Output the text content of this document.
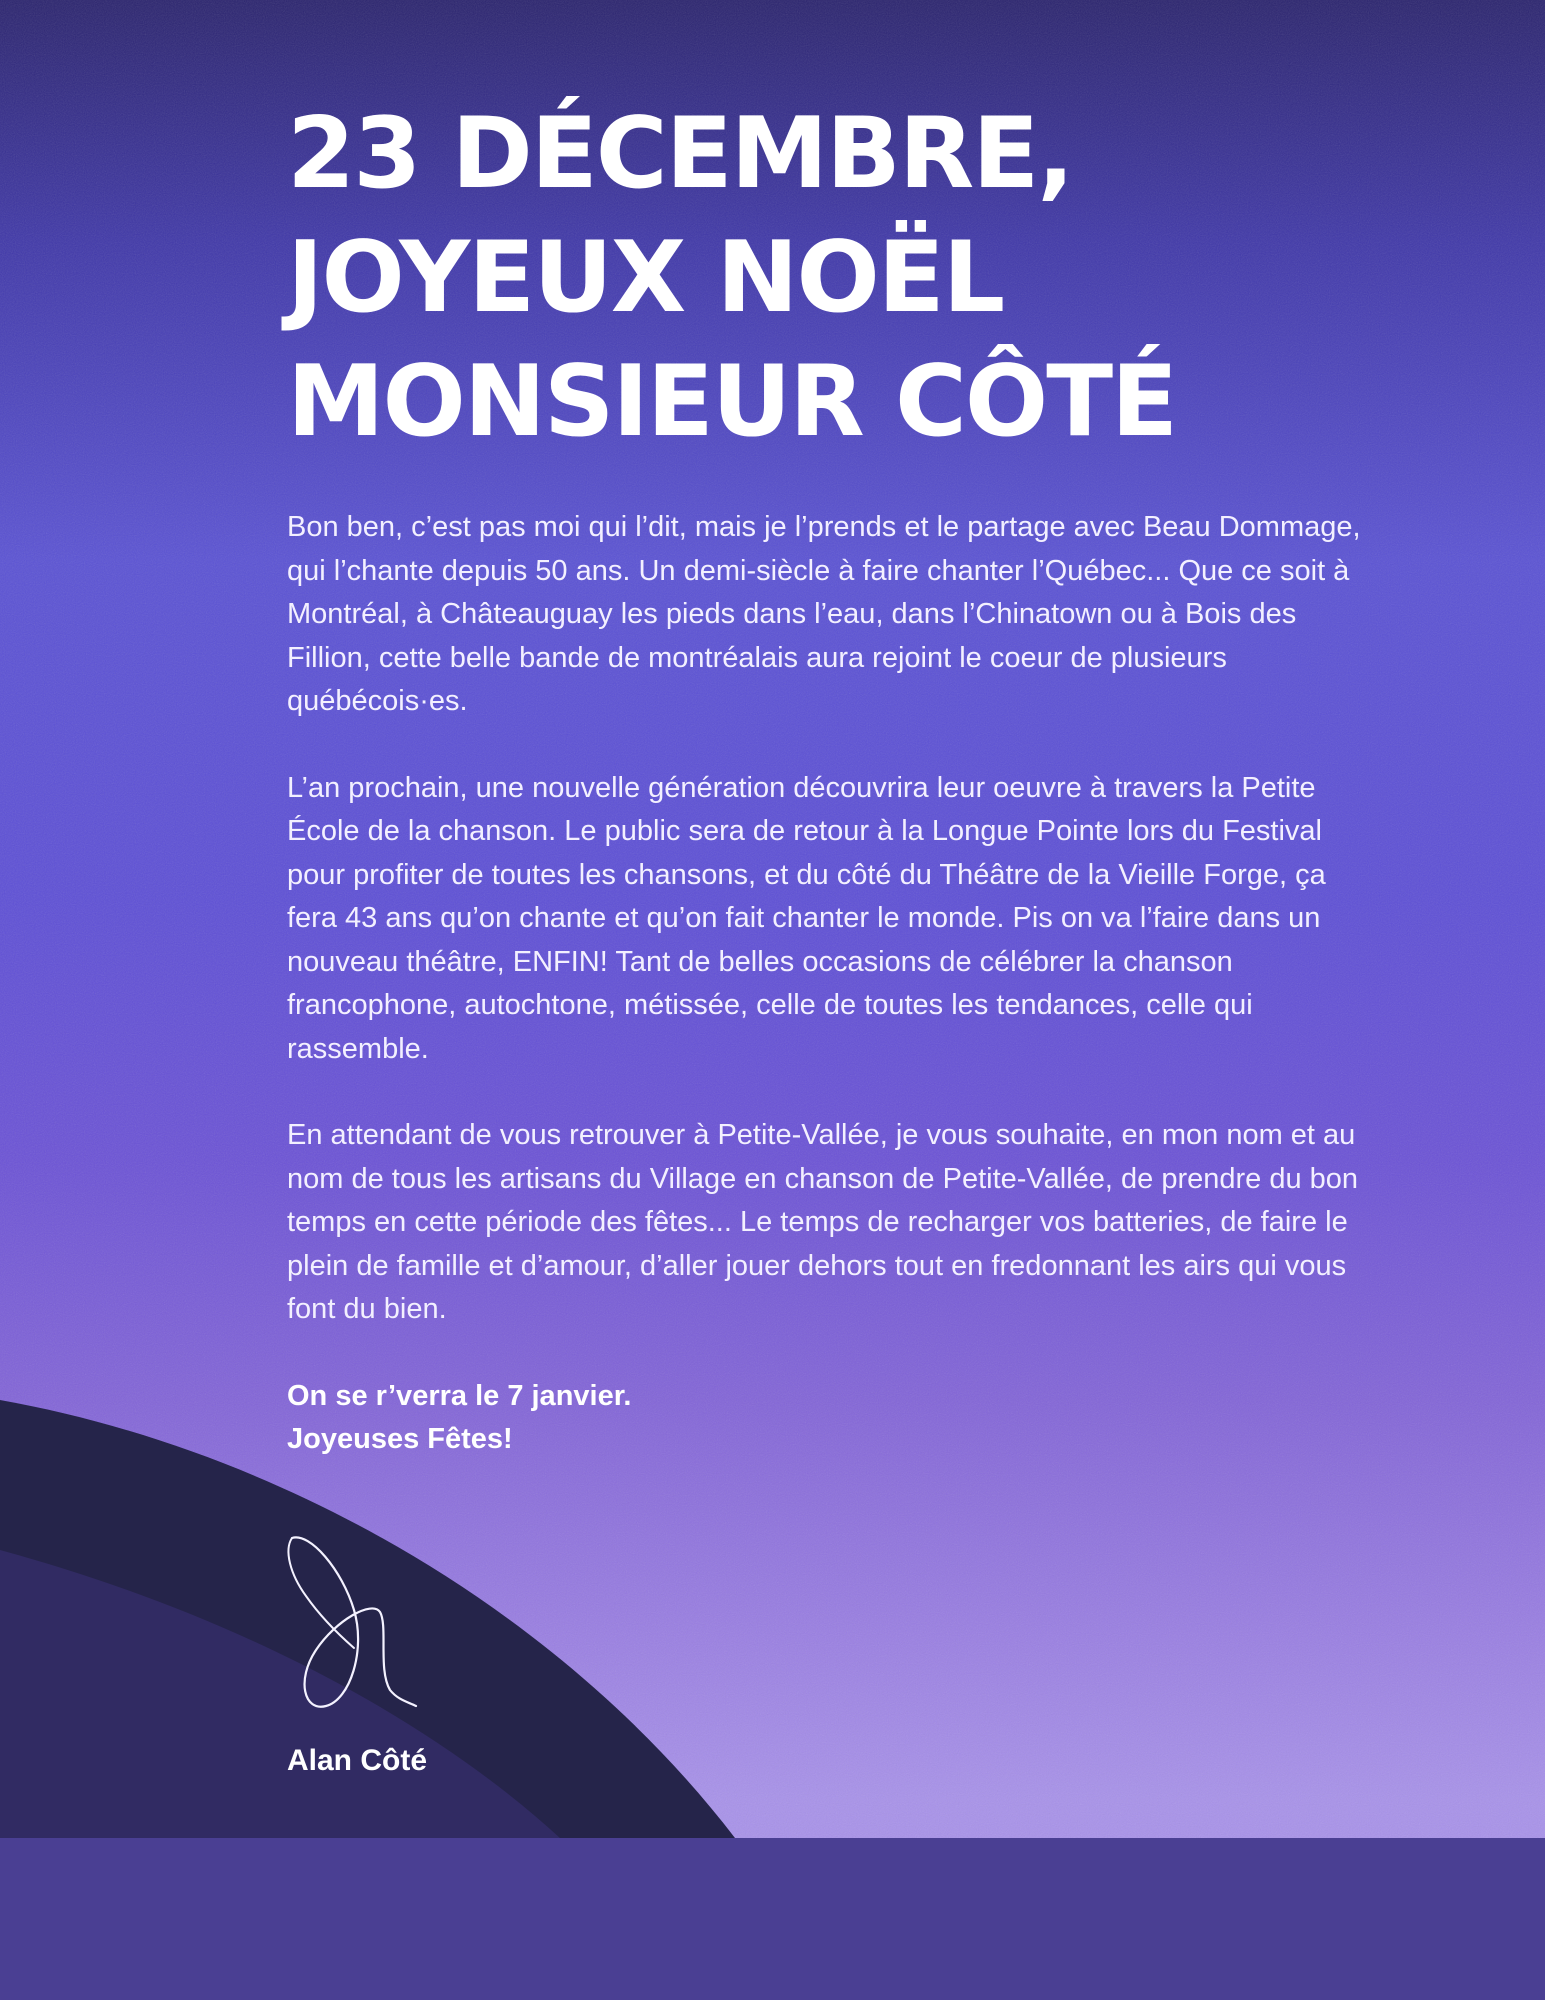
23 DÉCEMBRE,
JOYEUX NOËL
MONSIEUR CÔTÉ

Bon ben, c’est pas moi qui l’dit, mais je l’prends et le partage avec Beau Dommage, qui l’chante depuis 50 ans. Un demi-siècle à faire chanter l’Québec... Que ce soit à Montréal, à Châteauguay les pieds dans l’eau, dans l’Chinatown ou à Bois des Fillion, cette belle bande de montréalais aura rejoint le coeur de plusieurs québécois·es.

L’an prochain, une nouvelle génération découvrira leur oeuvre à travers la Petite École de la chanson. Le public sera de retour à la Longue Pointe lors du Festival pour profiter de toutes les chansons, et du côté du Théâtre de la Vieille Forge, ça fera 43 ans qu’on chante et qu’on fait chanter le monde. Pis on va l’faire dans un nouveau théâtre, ENFIN! Tant de belles occasions de célébrer la chanson francophone, autochtone, métissée, celle de toutes les tendances, celle qui rassemble.

En attendant de vous retrouver à Petite-Vallée, je vous souhaite, en mon nom et au nom de tous les artisans du Village en chanson de Petite-Vallée, de prendre du bon temps en cette période des fêtes... Le temps de recharger vos batteries, de faire le plein de famille et d’amour, d’aller jouer dehors tout en fredonnant les airs qui vous font du bien.

On se r’verra le 7 janvier.
Joyeuses Fêtes!

Alan Côté
